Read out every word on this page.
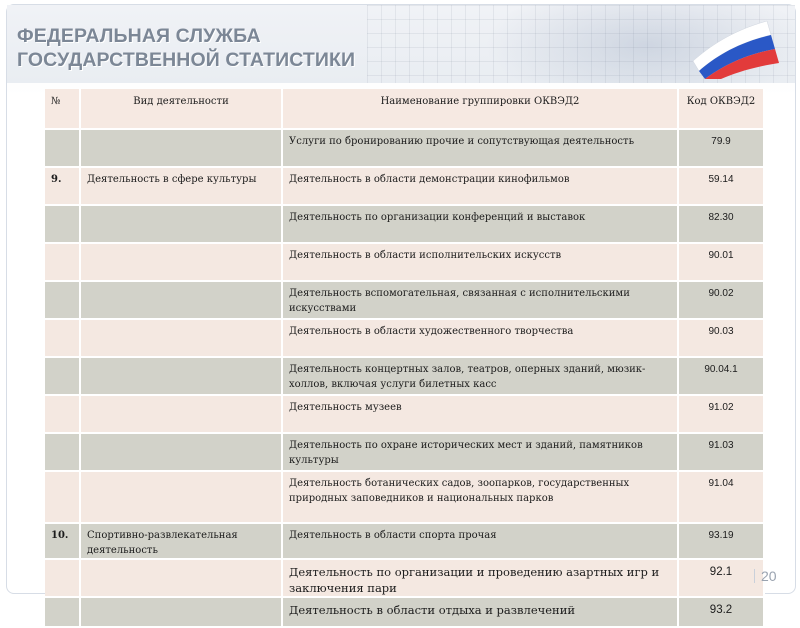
ФЕДЕРАЛЬНАЯ СЛУЖБА
ГОСУДАРСТВЕННОЙ СТАТИСТИКИ
№	Вид деятельности	Наименование группировки ОКВЭД2	Код ОКВЭД2
		Услуги по бронированию прочие и сопутствующая деятельность	79.9
9.	Деятельность в сфере культуры	Деятельность в области демонстрации кинофильмов	59.14
		Деятельность по организации конференций и выставок	82.30
		Деятельность в области исполнительских искусств	90.01
		Деятельность вспомогательная, связанная с исполнительскими искусствами	90.02
		Деятельность в области художественного творчества	90.03
		Деятельность концертных залов, театров, оперных зданий, мюзик-холлов, включая услуги билетных касс	90.04.1
		Деятельность музеев	91.02
		Деятельность по охране исторических мест и зданий, памятников культуры	91.03
		Деятельность ботанических садов, зоопарков, государственных природных заповедников и национальных парков	91.04
10.	Спортивно-развлекательная деятельность	Деятельность в области спорта прочая	93.19
		Деятельность по организации и проведению азартных игр и заключения пари	92.1
		Деятельность в области отдыха и развлечений	93.2
20
